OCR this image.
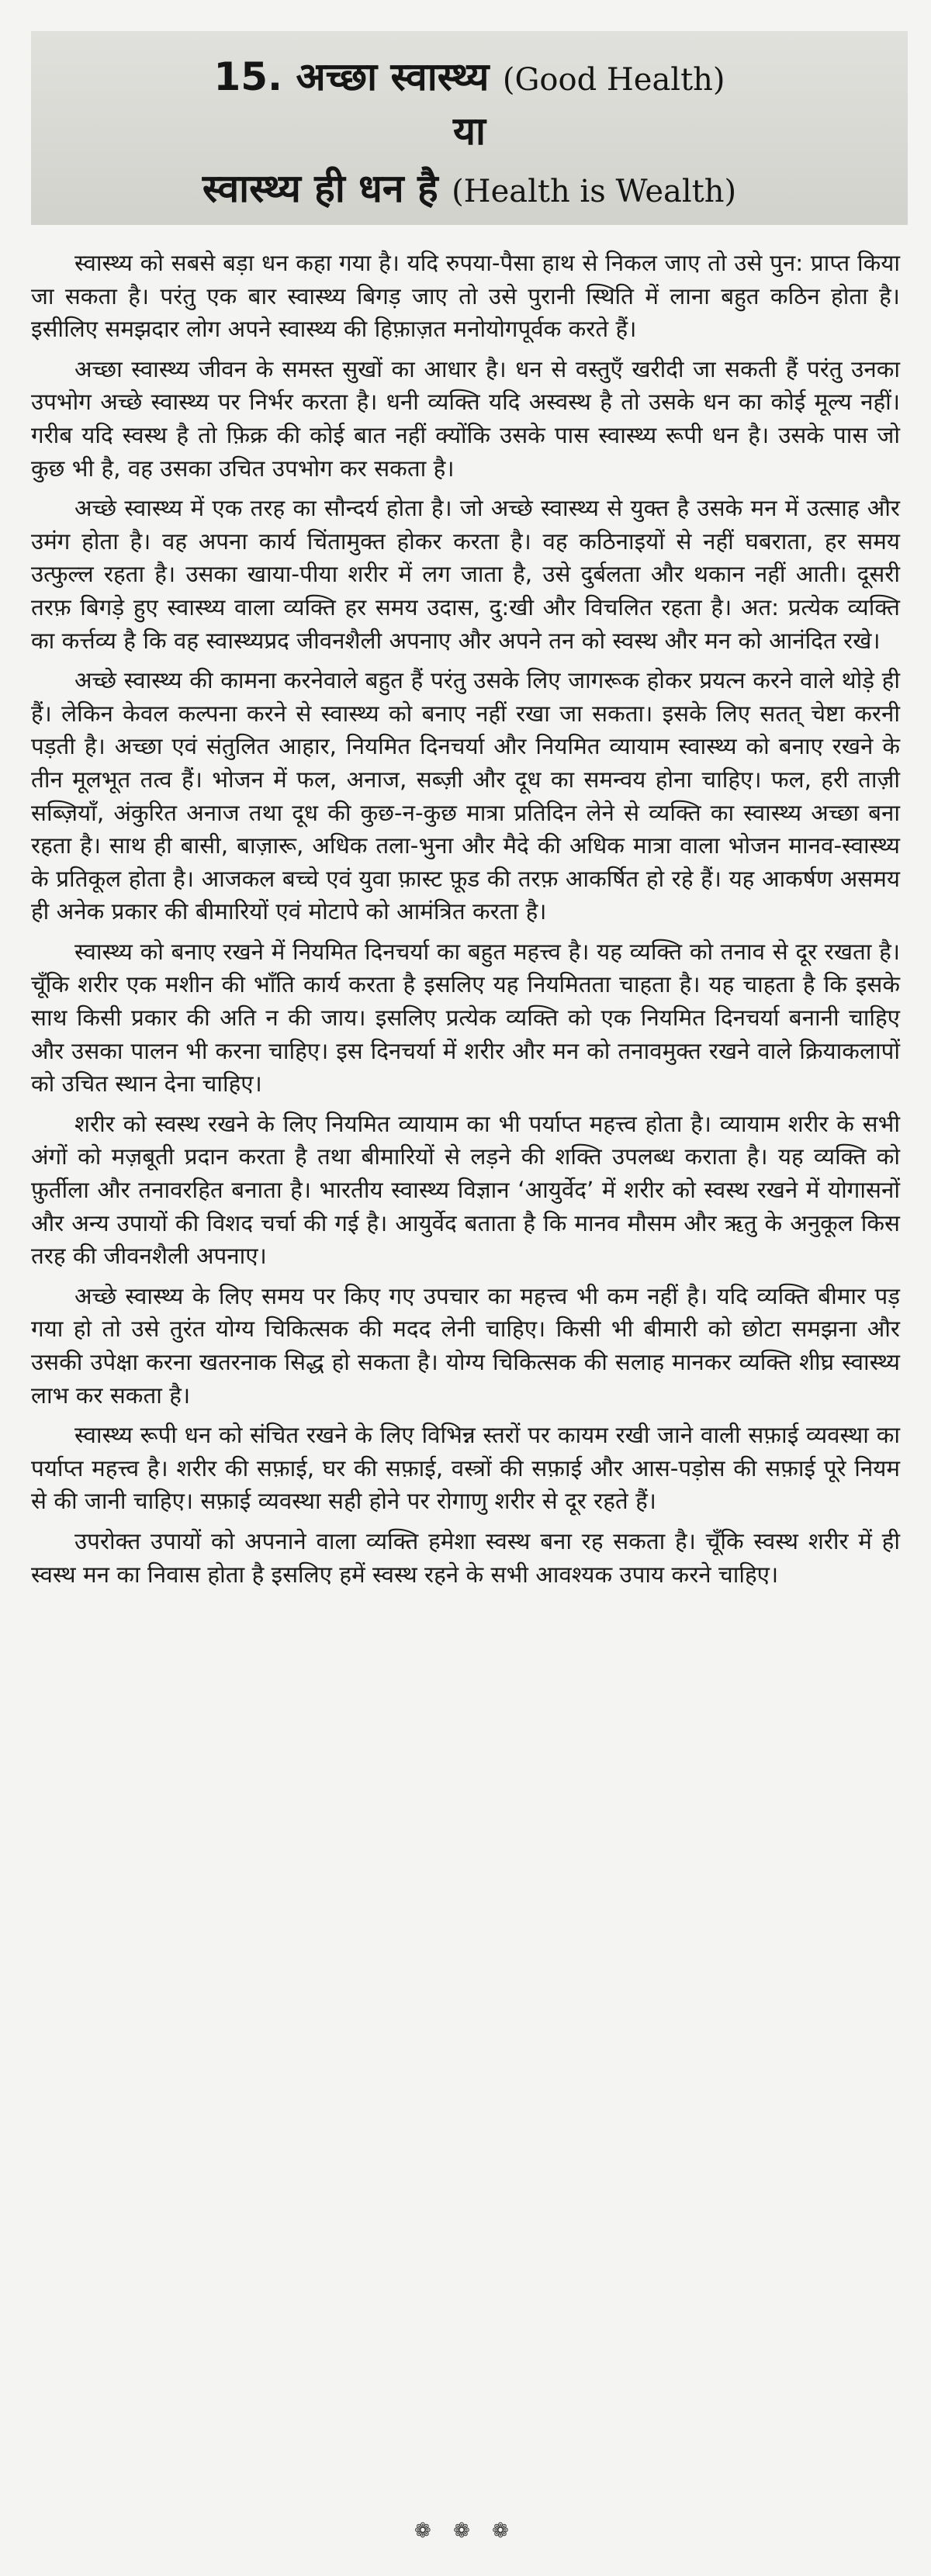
15. अच्छा स्वास्थ्य (Good Health)
या
स्वास्थ्य ही धन है (Health is Wealth)

स्वास्थ्य को सबसे बड़ा धन कहा गया है। यदि रुपया-पैसा हाथ से निकल जाए तो उसे पुन: प्राप्त किया जा सकता है। परंतु एक बार स्वास्थ्य बिगड़ जाए तो उसे पुरानी स्थिति में लाना बहुत कठिन होता है। इसीलिए समझदार लोग अपने स्वास्थ्य की हिफ़ाज़त मनोयोगपूर्वक करते हैं।

अच्छा स्वास्थ्य जीवन के समस्त सुखों का आधार है। धन से वस्तुएँ खरीदी जा सकती हैं परंतु उनका उपभोग अच्छे स्वास्थ्य पर निर्भर करता है। धनी व्यक्ति यदि अस्वस्थ है तो उसके धन का कोई मूल्य नहीं। गरीब यदि स्वस्थ है तो फ़िक्र की कोई बात नहीं क्योंकि उसके पास स्वास्थ्य रूपी धन है। उसके पास जो कुछ भी है, वह उसका उचित उपभोग कर सकता है।

अच्छे स्वास्थ्य में एक तरह का सौन्दर्य होता है। जो अच्छे स्वास्थ्य से युक्त है उसके मन में उत्साह और उमंग होता है। वह अपना कार्य चिंतामुक्त होकर करता है। वह कठिनाइयों से नहीं घबराता, हर समय उत्फुल्ल रहता है। उसका खाया-पीया शरीर में लग जाता है, उसे दुर्बलता और थकान नहीं आती। दूसरी तरफ़ बिगड़े हुए स्वास्थ्य वाला व्यक्ति हर समय उदास, दु:खी और विचलित रहता है। अत: प्रत्येक व्यक्ति का कर्त्तव्य है कि वह स्वास्थ्यप्रद जीवनशैली अपनाए और अपने तन को स्वस्थ और मन को आनंदित रखे।

अच्छे स्वास्थ्य की कामना करनेवाले बहुत हैं परंतु उसके लिए जागरूक होकर प्रयत्न करने वाले थोड़े ही हैं। लेकिन केवल कल्पना करने से स्वास्थ्य को बनाए नहीं रखा जा सकता। इसके लिए सतत् चेष्टा करनी पड़ती है। अच्छा एवं संतुलित आहार, नियमित दिनचर्या और नियमित व्यायाम स्वास्थ्य को बनाए रखने के तीन मूलभूत तत्व हैं। भोजन में फल, अनाज, सब्ज़ी और दूध का समन्वय होना चाहिए। फल, हरी ताज़ी सब्ज़ियाँ, अंकुरित अनाज तथा दूध की कुछ-न-कुछ मात्रा प्रतिदिन लेने से व्यक्ति का स्वास्थ्य अच्छा बना रहता है। साथ ही बासी, बाज़ारू, अधिक तला-भुना और मैदे की अधिक मात्रा वाला भोजन मानव-स्वास्थ्य के प्रतिकूल होता है। आजकल बच्चे एवं युवा फ़ास्ट फ़ूड की तरफ़ आकर्षित हो रहे हैं। यह आकर्षण असमय ही अनेक प्रकार की बीमारियों एवं मोटापे को आमंत्रित करता है।

स्वास्थ्य को बनाए रखने में नियमित दिनचर्या का बहुत महत्त्व है। यह व्यक्ति को तनाव से दूर रखता है। चूँकि शरीर एक मशीन की भाँति कार्य करता है इसलिए यह नियमितता चाहता है। यह चाहता है कि इसके साथ किसी प्रकार की अति न की जाय। इसलिए प्रत्येक व्यक्ति को एक नियमित दिनचर्या बनानी चाहिए और उसका पालन भी करना चाहिए। इस दिनचर्या में शरीर और मन को तनावमुक्त रखने वाले क्रियाकलापों को उचित स्थान देना चाहिए।

शरीर को स्वस्थ रखने के लिए नियमित व्यायाम का भी पर्याप्त महत्त्व होता है। व्यायाम शरीर के सभी अंगों को मज़बूती प्रदान करता है तथा बीमारियों से लड़ने की शक्ति उपलब्ध कराता है। यह व्यक्ति को फ़ुर्तीला और तनावरहित बनाता है। भारतीय स्वास्थ्य विज्ञान ‘आयुर्वेद’ में शरीर को स्वस्थ रखने में योगासनों और अन्य उपायों की विशद चर्चा की गई है। आयुर्वेद बताता है कि मानव मौसम और ऋतु के अनुकूल किस तरह की जीवनशैली अपनाए।

अच्छे स्वास्थ्य के लिए समय पर किए गए उपचार का महत्त्व भी कम नहीं है। यदि व्यक्ति बीमार पड़ गया हो तो उसे तुरंत योग्य चिकित्सक की मदद लेनी चाहिए। किसी भी बीमारी को छोटा समझना और उसकी उपेक्षा करना खतरनाक सिद्ध हो सकता है। योग्य चिकित्सक की सलाह मानकर व्यक्ति शीघ्र स्वास्थ्य लाभ कर सकता है।

स्वास्थ्य रूपी धन को संचित रखने के लिए विभिन्न स्तरों पर कायम रखी जाने वाली सफ़ाई व्यवस्था का पर्याप्त महत्त्व है। शरीर की सफ़ाई, घर की सफ़ाई, वस्त्रों की सफ़ाई और आस-पड़ोस की सफ़ाई पूरे नियम से की जानी चाहिए। सफ़ाई व्यवस्था सही होने पर रोगाणु शरीर से दूर रहते हैं।

उपरोक्त उपायों को अपनाने वाला व्यक्ति हमेशा स्वस्थ बना रह सकता है। चूँकि स्वस्थ शरीर में ही स्वस्थ मन का निवास होता है इसलिए हमें स्वस्थ रहने के सभी आवश्यक उपाय करने चाहिए।

❁ ❁ ❁
